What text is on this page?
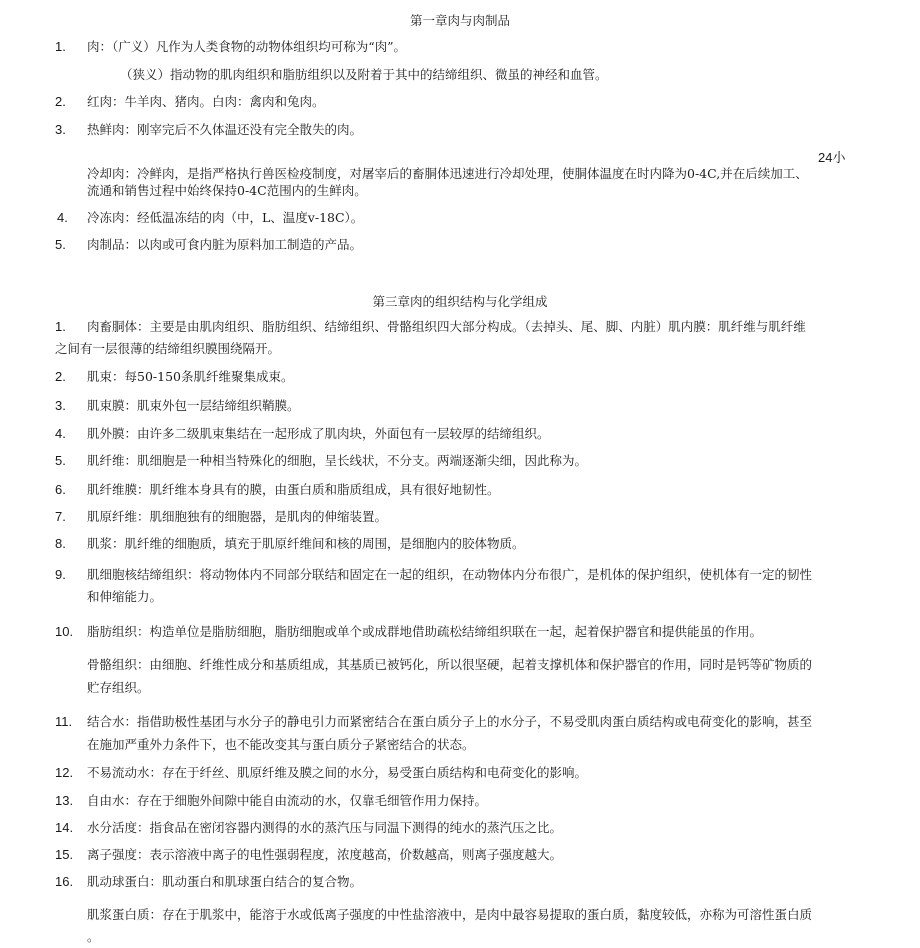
第一章肉与肉制品
1. 肉：（广义）凡作为人类食物的动物体组织均可称为“肉”。
（狭义）指动物的肌肉组织和脂肪组织以及附着于其中的结缔组织、微虽的神经和血管。
2. 红肉：牛羊肉、猪肉。白肉：禽肉和兔肉。
3. 热鲜肉：刚宰完后不久体温还没有完全散失的肉。
24小
冷却肉：冷鲜肉，是指严格执行兽医检疫制度，对屠宰后的畜胴体迅速进行冷却处理，使胴体温度在时内降为0-4C,并在后续加工、
流通和销售过程中始终保持0-4C范围内的生鲜肉。
4. 冷冻肉：经低温冻结的肉（中，L、温度v-18C）。
5. 肉制品：以肉或可食内脏为原料加工制造的产品。
第三章肉的组织结构与化学组成
1. 肉畜胴体：主要是由肌肉组织、脂肪组织、结缔组织、骨骼组织四大部分构成。（去掉头、尾、脚、内脏）肌内膜：肌纤维与肌纤维
之间有一层很薄的结缔组织膜围绕隔开。
2. 肌束：每50-150条肌纤维聚集成束。
3. 肌束膜：肌束外包一层结缔组织鞘膜。
4. 肌外膜：由许多二级肌束集结在一起形成了肌肉块，外面包有一层较厚的结缔组织。
5. 肌纤维：肌细胞是一种相当特殊化的细胞，呈长线状，不分支。两端逐渐尖细，因此称为。
6. 肌纤维膜：肌纤维本身具有的膜，由蛋白质和脂质组成，具有很好地韧性。
7. 肌原纤维：肌细胞独有的细胞器，是肌肉的伸缩装置。
8. 肌浆：肌纤维的细胞质，填充于肌原纤维间和核的周围，是细胞内的胶体物质。
9. 肌细胞核结缔组织：将动物体内不同部分联结和固定在一起的组织，在动物体内分布很广，是机体的保护组织，使机体有一定的韧性
和伸缩能力。
10. 脂肪组织：构造单位是脂肪细胞，脂肪细胞或单个或成群地借助疏松结缔组织联在一起，起着保护器官和提供能虽的作用。
骨骼组织：由细胞、纤维性成分和基质组成，其基质已被钙化，所以很坚硬，起着支撑机体和保护器官的作用，同时是钙等矿物质的
贮存组织。
11. 结合水：指借助极性基团与水分子的静电引力而紧密结合在蛋白质分子上的水分子，不易受肌肉蛋白质结构或电荷变化的影响，甚至
在施加严重外力条件下，也不能改变其与蛋白质分子紧密结合的状态。
12. 不易流动水：存在于纤丝、肌原纤维及膜之间的水分，易受蛋白质结构和电荷变化的影响。
13. 自由水：存在于细胞外间隙中能自由流动的水，仅靠毛细管作用力保持。
14. 水分活度：指食品在密闭容器内测得的水的蒸汽压与同温下测得的纯水的蒸汽压之比。
15. 离子强度：表示溶液中离子的电性强弱程度，浓度越高，价数越高，则离子强度越大。
16. 肌动球蛋白：肌动蛋白和肌球蛋白结合的复合物。
肌浆蛋白质：存在于肌浆中，能溶于水或低离子强度的中性盐溶液中，是肉中最容易提取的蛋白质，黏度较低，亦称为可溶性蛋白质
。
